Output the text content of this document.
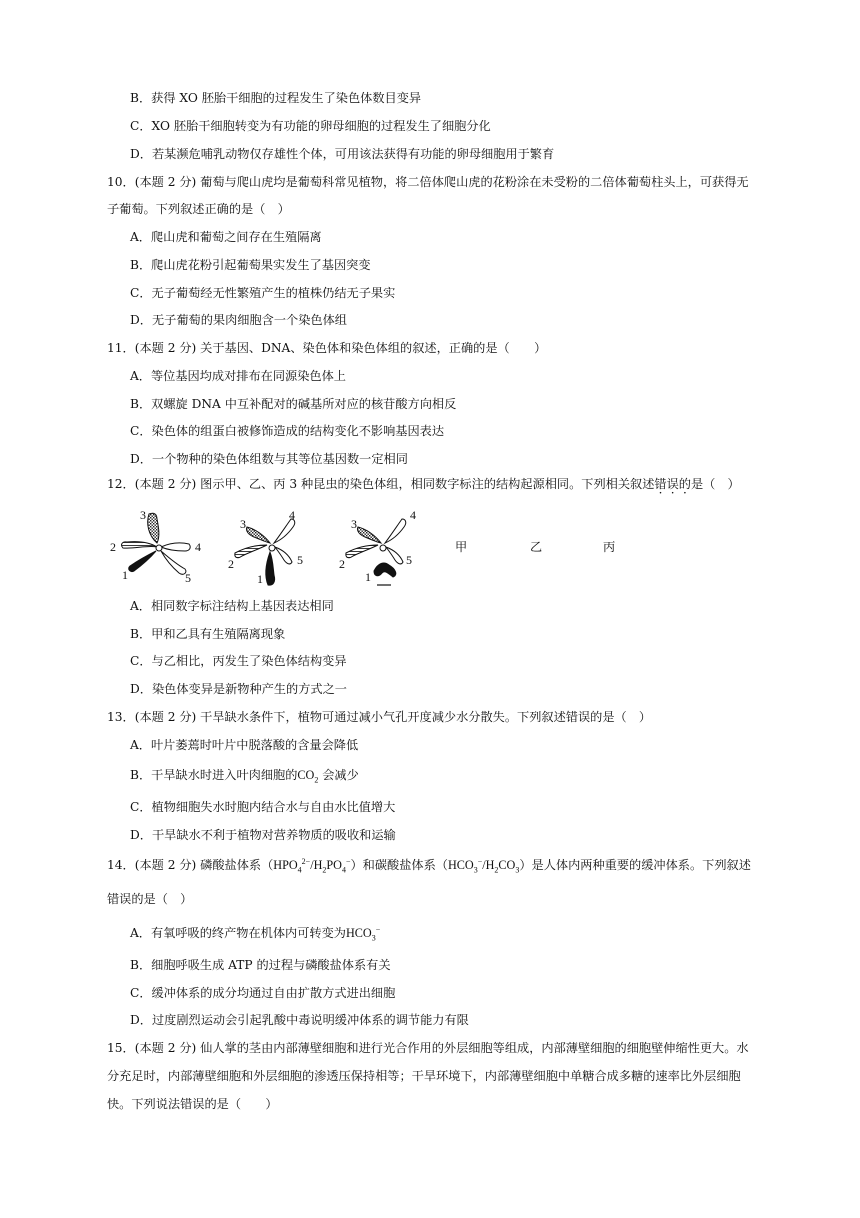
B．获得 XO 胚胎干细胞的过程发生了染色体数目变异
C．XO 胚胎干细胞转变为有功能的卵母细胞的过程发生了细胞分化
D．若某濒危哺乳动物仅存雄性个体，可用该法获得有功能的卵母细胞用于繁育
10．(本题 2 分) 葡萄与爬山虎均是葡萄科常见植物，将二倍体爬山虎的花粉涂在未受粉的二倍体葡萄柱头上，可获得无
子葡萄。下列叙述正确的是（　）
A．爬山虎和葡萄之间存在生殖隔离
B．爬山虎花粉引起葡萄果实发生了基因突变
C．无子葡萄经无性繁殖产生的植株仍结无子果实
D．无子葡萄的果肉细胞含一个染色体组
11．(本题 2 分) 关于基因、DNA、染色体和染色体组的叙述，正确的是（　　）
A．等位基因均成对排布在同源染色体上
B．双螺旋 DNA 中互补配对的碱基所对应的核苷酸方向相反
C．染色体的组蛋白被修饰造成的结构变化不影响基因表达
D．一个物种的染色体组数与其等位基因数一定相同
12．(本题 2 分) 图示甲、乙、丙 3 种昆虫的染色体组，相同数字标注的结构起源相同。下列相关叙述错误的是（　）
3
2	4
1	5
3
4
2	5
1
3
4
2	5
1
甲	乙	丙
A．相同数字标注结构上基因表达相同
B．甲和乙具有生殖隔离现象
C．与乙相比，丙发生了染色体结构变异
D．染色体变异是新物种产生的方式之一
13．(本题 2 分) 干旱缺水条件下，植物可通过减小气孔开度减少水分散失。下列叙述错误的是（　）
A．叶片萎蔫时叶片中脱落酸的含量会降低
B．干旱缺水时进入叶肉细胞的$CO_2$ 会减少
C．植物细胞失水时胞内结合水与自由水比值增大
D．干旱缺水不利于植物对营养物质的吸收和运输
14．(本题 2 分) 磷酸盐体系$(HPO_4^{2-}/H_2PO_4^-)$和碳酸盐体系$(HCO_3^-/H_2CO_3)$是人体内两种重要的缓冲体系。下列叙述
错误的是（　）
A．有氧呼吸的终产物在机体内可转变为$HCO_3^-$
B．细胞呼吸生成 ATP 的过程与磷酸盐体系有关
C．缓冲体系的成分均通过自由扩散方式进出细胞
D．过度剧烈运动会引起乳酸中毒说明缓冲体系的调节能力有限
15．(本题 2 分) 仙人掌的茎由内部薄壁细胞和进行光合作用的外层细胞等组成，内部薄壁细胞的细胞壁伸缩性更大。水
分充足时，内部薄壁细胞和外层细胞的渗透压保持相等；干旱环境下，内部薄壁细胞中单糖合成多糖的速率比外层细胞
快。下列说法错误的是（　　）
